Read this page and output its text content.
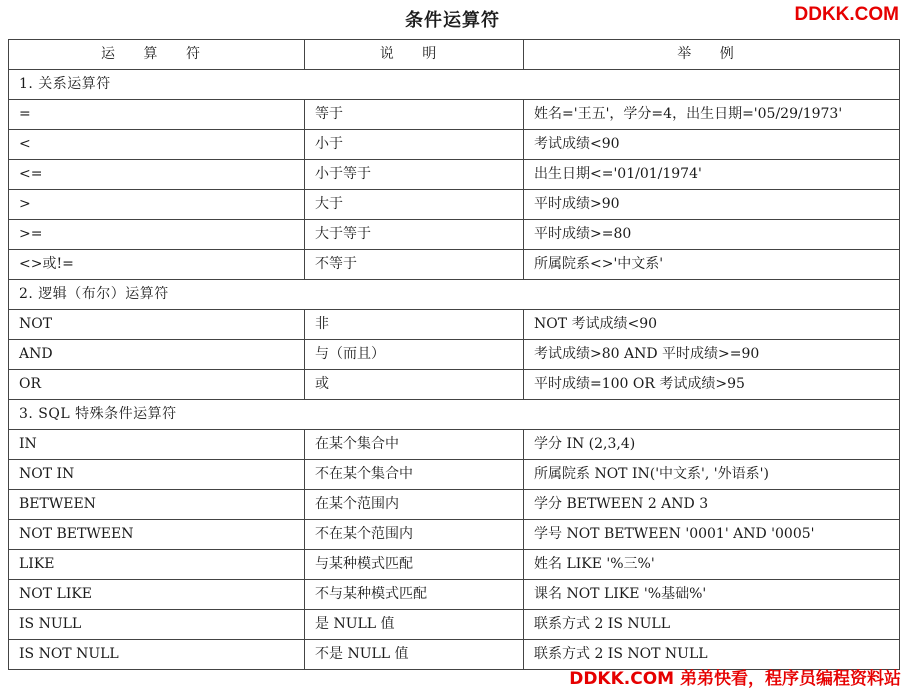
条件运算符	DDKK.COM
运 算 符	说 明	举 例
1. 关系运算符		
=	等于	姓名='王五'，学分=4，出生日期='05/29/1973'
<	小于	考试成绩<90
<=	小于等于	出生日期<='01/01/1974'
>	大于	平时成绩>90
>=	大于等于	平时成绩>=80
<>或!=	不等于	所属院系<>'中文系'
2. 逻辑（布尔）运算符		
NOT	非	NOT 考试成绩<90
AND	与（而且）	考试成绩>80 AND 平时成绩>=90
OR	或	平时成绩=100 OR 考试成绩>95
3. SQL 特殊条件运算符		
IN	在某个集合中	学分 IN (2,3,4)
NOT IN	不在某个集合中	所属院系 NOT IN('中文系', '外语系')
BETWEEN	在某个范围内	学分 BETWEEN 2 AND 3
NOT BETWEEN	不在某个范围内	学号 NOT BETWEEN '0001' AND '0005'
LIKE	与某种模式匹配	姓名 LIKE '%三%'
NOT LIKE	不与某种模式匹配	课名 NOT LIKE '%基础%'
IS NULL	是 NULL 值	联系方式 2 IS NULL
IS NOT NULL	不是 NULL 值	联系方式 2 IS NOT NULL
DDKK.COM 弟弟快看，程序员编程资料站
